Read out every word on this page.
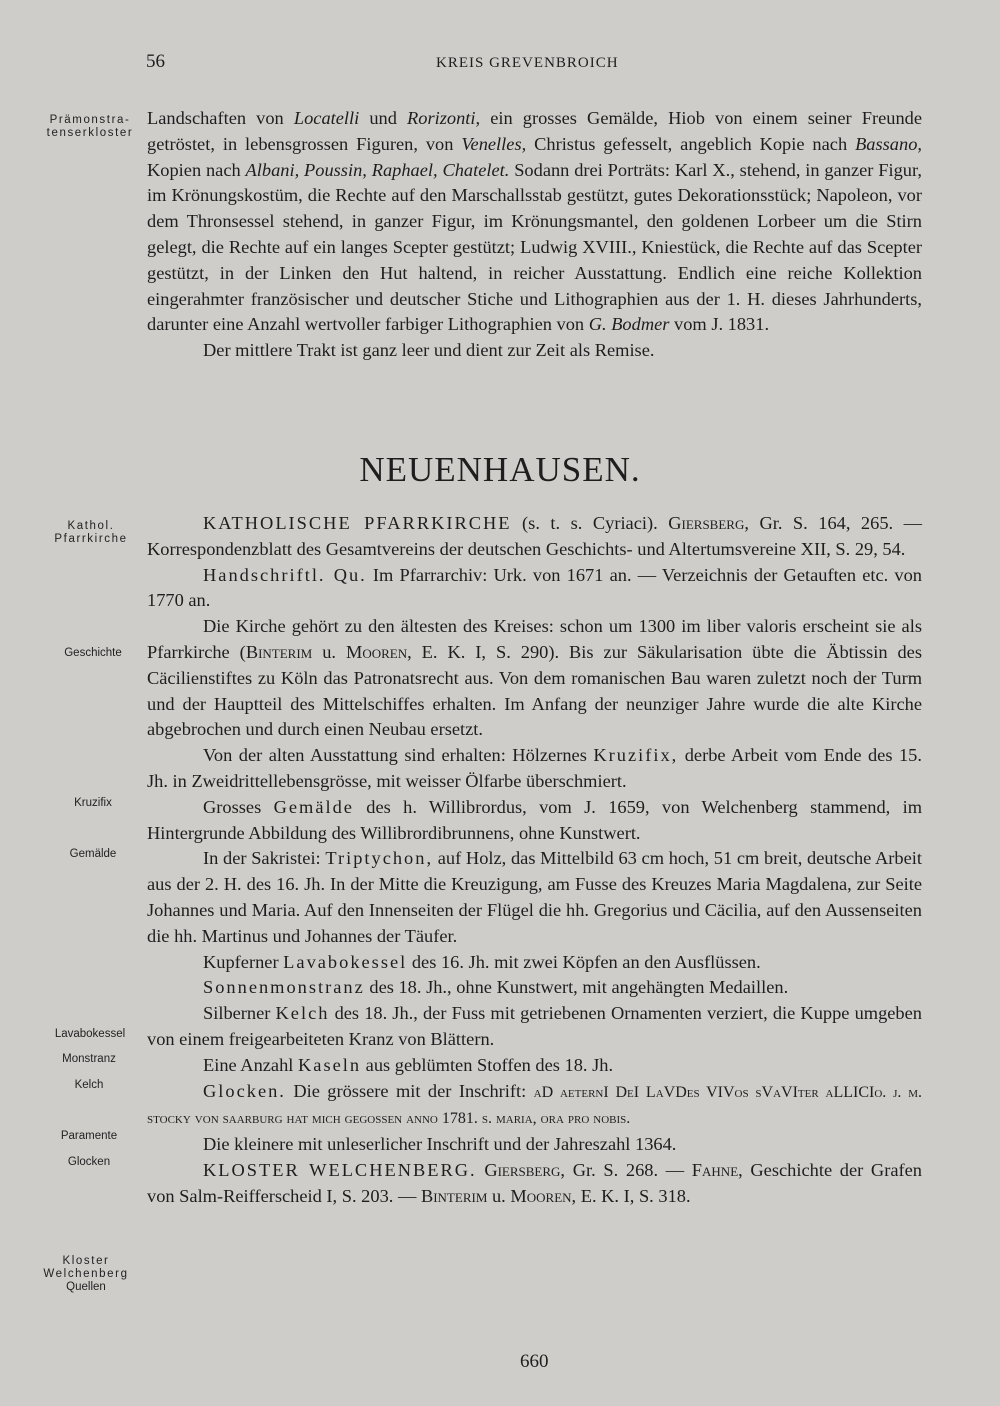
56	KREIS GREVENBROICH
Prämonstra-
tenserkloster
Kathol.
Pfarrkirche
Geschichte
Kruzifix
Gemälde
Lavabokessel
Monstranz
Kelch
Paramente
Glocken
Kloster
Welchenberg
Quellen

Landschaften von Locatelli und Rorizonti, ein grosses Gemälde, Hiob von einem seiner Freunde getröstet, in lebensgrossen Figuren, von Venelles, Christus gefesselt, angeblich Kopie nach Bassano, Kopien nach Albani, Poussin, Raphael, Chatelet. Sodann drei Porträts: Karl X., stehend, in ganzer Figur, im Krönungskostüm, die Rechte auf den Marschallsstab gestützt, gutes Dekorationsstück; Napoleon, vor dem Thronsessel stehend, in ganzer Figur, im Krönungsmantel, den goldenen Lorbeer um die Stirn gelegt, die Rechte auf ein langes Scepter gestützt; Ludwig XVIII., Kniestück, die Rechte auf das Scepter gestützt, in der Linken den Hut haltend, in reicher Ausstattung. Endlich eine reiche Kollektion eingerahmter französischer und deutscher Stiche und Lithographien aus der 1. H. dieses Jahrhunderts, darunter eine Anzahl wertvoller farbiger Lithographien von G. Bodmer vom J. 1831.

Der mittlere Trakt ist ganz leer und dient zur Zeit als Remise.

NEUENHAUSEN.

KATHOLISCHE PFARRKIRCHE (s. t. s. Cyriaci). Giersberg, Gr. S. 164, 265. — Korrespondenzblatt des Gesamtvereins der deutschen Geschichts- und Altertumsvereine XII, S. 29, 54.

Handschriftl. Qu. Im Pfarrarchiv: Urk. von 1671 an. — Verzeichnis der Getauften etc. von 1770 an.

Die Kirche gehört zu den ältesten des Kreises: schon um 1300 im liber valoris erscheint sie als Pfarrkirche (Binterim u. Mooren, E. K. I, S. 290). Bis zur Säkularisation übte die Äbtissin des Cäcilienstiftes zu Köln das Patronatsrecht aus. Von dem romanischen Bau waren zuletzt noch der Turm und der Hauptteil des Mittelschiffes erhalten. Im Anfang der neunziger Jahre wurde die alte Kirche abgebrochen und durch einen Neubau ersetzt.

Von der alten Ausstattung sind erhalten: Hölzernes Kruzifix, derbe Arbeit vom Ende des 15. Jh. in Zweidrittellebensgrösse, mit weisser Ölfarbe überschmiert.

Grosses Gemälde des h. Willibrordus, vom J. 1659, von Welchenberg stammend, im Hintergrunde Abbildung des Willibrordibrunnens, ohne Kunstwert.

In der Sakristei: Triptychon, auf Holz, das Mittelbild 63 cm hoch, 51 cm breit, deutsche Arbeit aus der 2. H. des 16. Jh. In der Mitte die Kreuzigung, am Fusse des Kreuzes Maria Magdalena, zur Seite Johannes und Maria. Auf den Innenseiten der Flügel die hh. Gregorius und Cäcilia, auf den Aussenseiten die hh. Martinus und Johannes der Täufer.

Kupferner Lavabokessel des 16. Jh. mit zwei Köpfen an den Ausflüssen.

Sonnenmonstranz des 18. Jh., ohne Kunstwert, mit angehängten Medaillen.

Silberner Kelch des 18. Jh., der Fuss mit getriebenen Ornamenten verziert, die Kuppe umgeben von einem freigearbeiteten Kranz von Blättern.

Eine Anzahl Kaseln aus geblümten Stoffen des 18. Jh.

Glocken. Die grössere mit der Inschrift: aD aeternI DeI LaVDes VIVos sVaVIter aLLICIo. j. m. stocky von saarburg hat mich gegossen anno 1781. s. maria, ora pro nobis.

Die kleinere mit unleserlicher Inschrift und der Jahreszahl 1364.

KLOSTER WELCHENBERG. Giersberg, Gr. S. 268. — Fahne, Geschichte der Grafen von Salm-Reifferscheid I, S. 203. — Binterim u. Mooren, E. K. I, S. 318.

660
